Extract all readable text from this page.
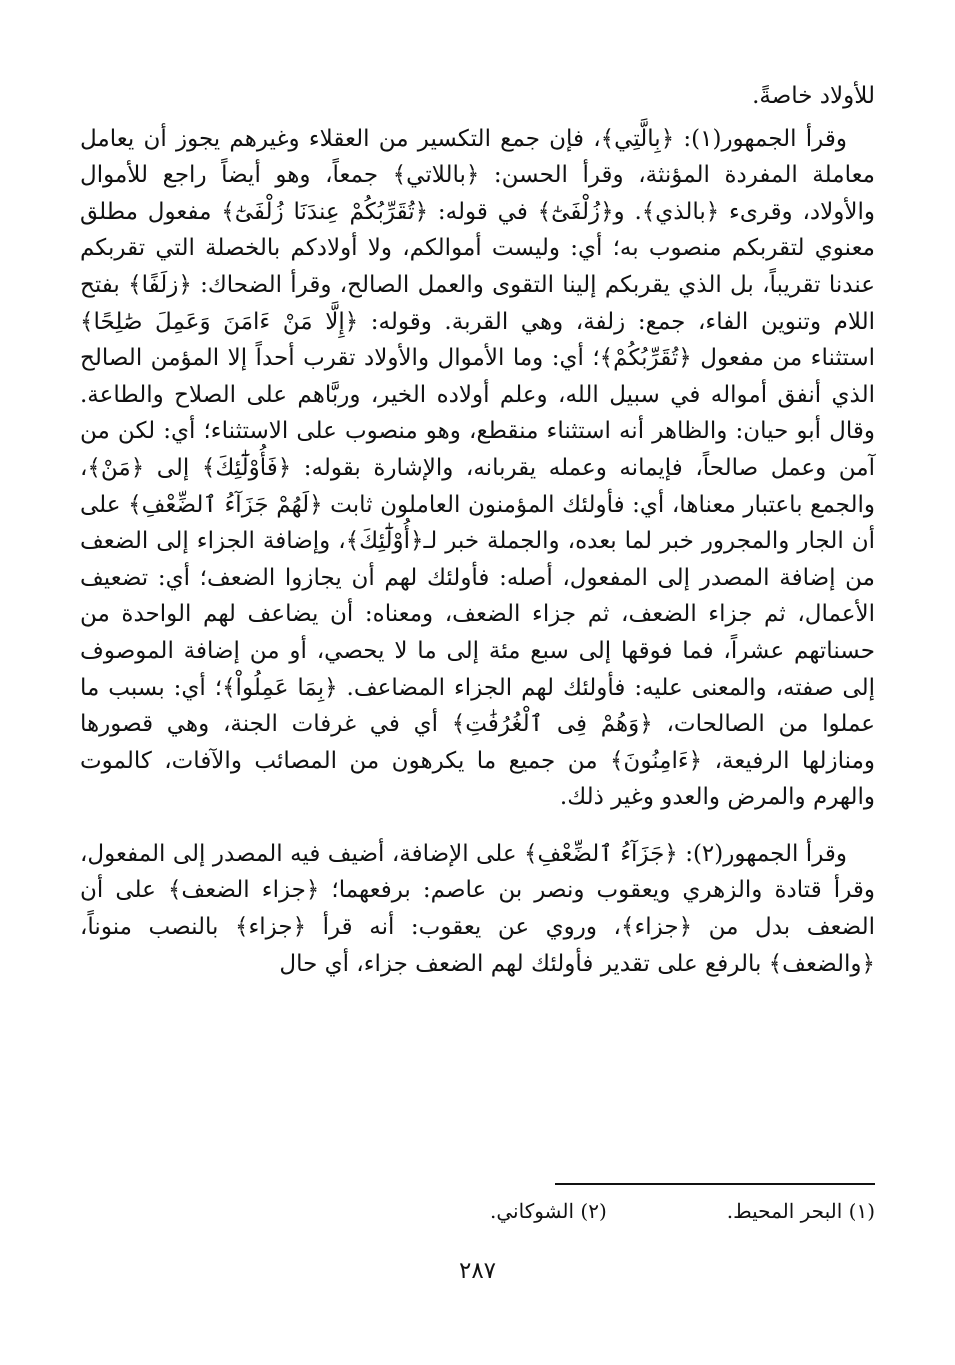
للأولاد خاصةً.

وقرأ الجمهور(١): ﴿بِالَّتِي﴾، فإن جمع التكسير من العقلاء وغيرهم يجوز أن يعامل معاملة المفردة المؤنثة، وقرأ الحسن: ﴿باللاتي﴾ جمعاً، وهو أيضاً راجع للأموال والأولاد، وقرىء ﴿بالذي﴾. و﴿زُلْفَىٰٓ﴾ في قوله: ﴿تُقَرِّبُكُمْ عِندَنَا زُلْفَىٰٓ﴾ مفعول مطلق معنوي لتقربكم منصوب به؛ أي: وليست أموالكم، ولا أولادكم بالخصلة التي تقربكم عندنا تقريباً، بل الذي يقربكم إلينا التقوى والعمل الصالح، وقرأ الضحاك: ﴿زلَفًا﴾ بفتح اللام وتنوين الفاء، جمع: زلفة، وهي القربة. وقوله: ﴿إِلَّا مَنْ ءَامَنَ وَعَمِلَ صَٰلِحًا﴾ استثناء من مفعول ﴿تُقَرِّبُكُمْ﴾؛ أي: وما الأموال والأولاد تقرب أحداً إلا المؤمن الصالح الذي أنفق أمواله في سبيل الله، وعلم أولاده الخير، وربَّاهم على الصلاح والطاعة. وقال أبو حيان: والظاهر أنه استثناء منقطع، وهو منصوب على الاستثناء؛ أي: لكن من آمن وعمل صالحاً، فإيمانه وعمله يقربانه، والإشارة بقوله: ﴿فَأُوْلَٰٓئِكَ﴾ إلى ﴿مَنْ﴾، والجمع باعتبار معناها، أي: فأولئك المؤمنون العاملون ثابت ﴿لَهُمْ جَزَآءُ ٱلضِّعْفِ﴾ على أن الجار والمجرور خبر لما بعده، والجملة خبر لـ﴿أُوْلَٰٓئِكَ﴾، وإضافة الجزاء إلى الضعف من إضافة المصدر إلى المفعول، أصله: فأولئك لهم أن يجازوا الضعف؛ أي: تضعيف الأعمال، ثم جزاء الضعف، ثم جزاء الضعف، ومعناه: أن يضاعف لهم الواحدة من حسناتهم عشراً، فما فوقها إلى سبع مئة إلى ما لا يحصي، أو من إضافة الموصوف إلى صفته، والمعنى عليه: فأولئك لهم الجزاء المضاعف. ﴿بِمَا عَمِلُواْ﴾؛ أي: بسبب ما عملوا من الصالحات، ﴿وَهُمْ فِى ٱلْغُرُفَٰتِ﴾ أي في غرفات الجنة، وهي قصورها ومنازلها الرفيعة، ﴿ءَامِنُونَ﴾ من جميع ما يكرهون من المصائب والآفات، كالموت والهرم والمرض والعدو وغير ذلك.

وقرأ الجمهور(٢): ﴿جَزَآءُ ٱلضِّعْفِ﴾ على الإضافة، أضيف فيه المصدر إلى المفعول، وقرأ قتادة والزهري ويعقوب ونصر بن عاصم: برفعهما؛ ﴿جزاء الضعف﴾ على أن الضعف بدل من ﴿جزاء﴾، وروي عن يعقوب: أنه قرأ ﴿جزاء﴾ بالنصب منوناً، ﴿والضعف﴾ بالرفع على تقدير فأولئك لهم الضعف جزاء، أي حال

(١) البحر المحيط.
(٢) الشوكاني.
٢٨٧
